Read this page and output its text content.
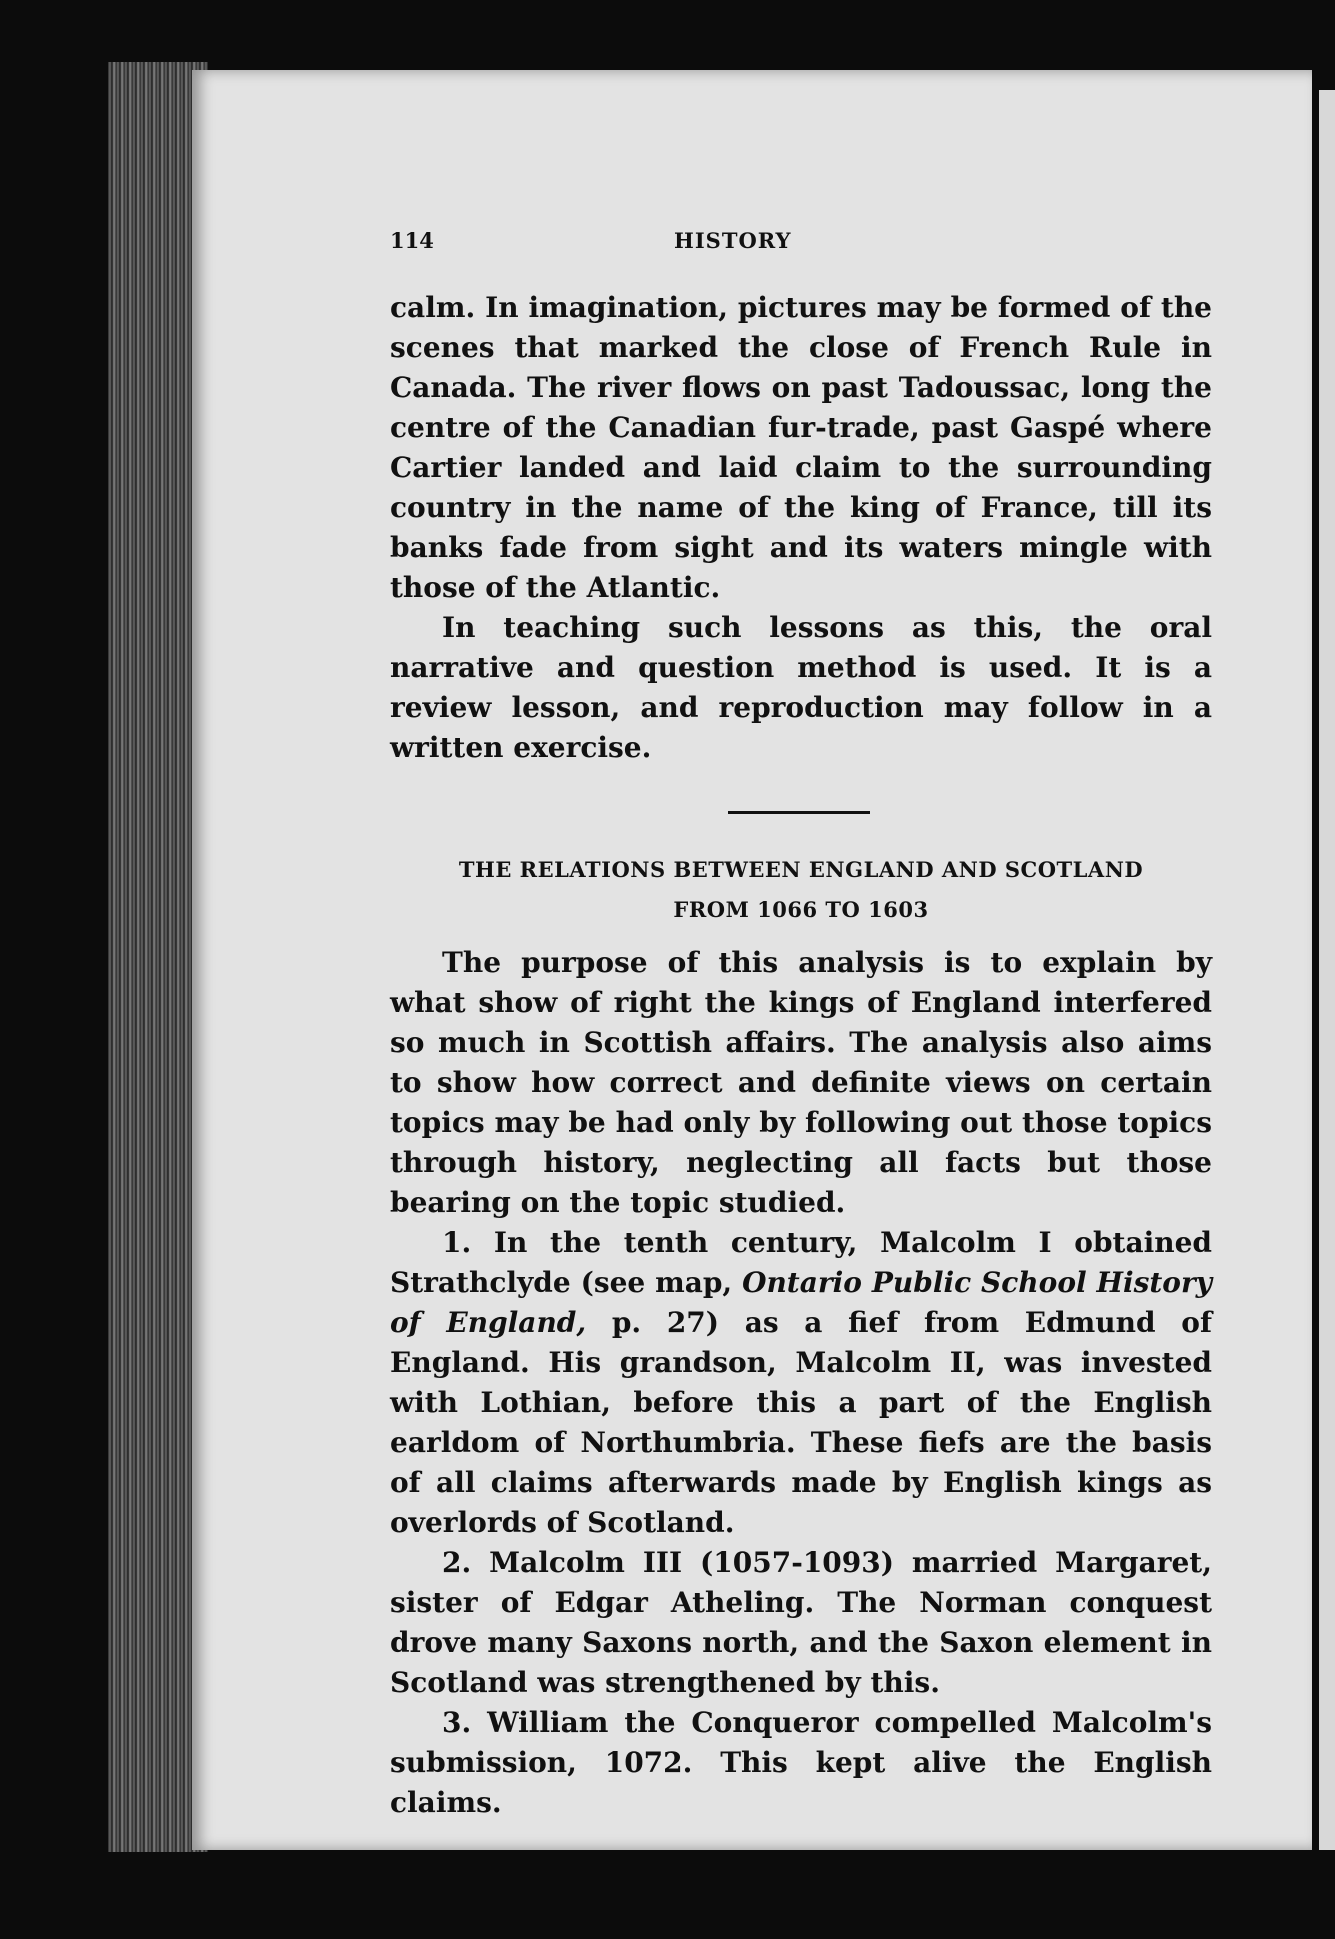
114	HISTORY

calm. In imagination, pictures may be formed of the scenes that marked the close of French Rule in Canada. The river flows on past Tadoussac, long the centre of the Canadian fur-trade, past Gaspé where Cartier landed and laid claim to the surrounding country in the name of the king of France, till its banks fade from sight and its waters mingle with those of the Atlantic.

In teaching such lessons as this, the oral narrative and question method is used. It is a review lesson, and reproduction may follow in a written exercise.

THE RELATIONS BETWEEN ENGLAND AND SCOTLAND
FROM 1066 TO 1603

The purpose of this analysis is to explain by what show of right the kings of England interfered so much in Scottish affairs. The analysis also aims to show how correct and definite views on certain topics may be had only by following out those topics through history, neglecting all facts but those bearing on the topic studied.

1. In the tenth century, Malcolm I obtained Strathclyde (see map, Ontario Public School History of England, p. 27) as a fief from Edmund of England. His grandson, Malcolm II, was invested with Lothian, before this a part of the English earldom of Northumbria. These fiefs are the basis of all claims afterwards made by English kings as overlords of Scotland.

2. Malcolm III (1057-1093) married Margaret, sister of Edgar Atheling. The Norman conquest drove many Saxons north, and the Saxon element in Scotland was strengthened by this.

3. William the Conqueror compelled Malcolm's submission, 1072. This kept alive the English claims.
